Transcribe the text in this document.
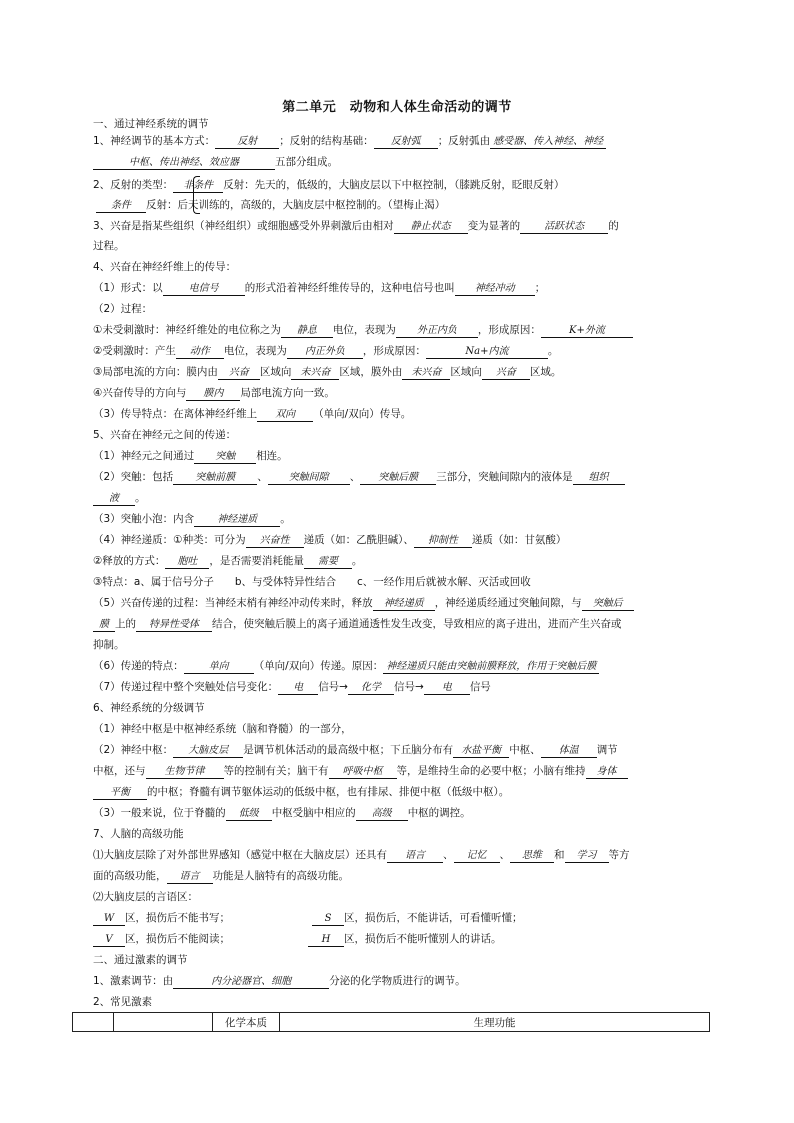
第二单元　动物和人体生命活动的调节
一、通过神经系统的调节
1、神经调节的基本方式： 反射 ；反射的结构基础： 反射弧 ；反射弧由 感受器、传入神经、神经
中枢、传出神经、效应器	五部分组成。
2、反射的类型： 非条件 反射：先天的，低级的，大脑皮层以下中枢控制，（膝跳反射，眨眼反射）
条件 反射：后天训练的，高级的，大脑皮层中枢控制的。（望梅止渴）
3、兴奋是指某些组织（神经组织）或细胞感受外界刺激后由相对 静止状态 变为显著的 活跃状态 的
过程。
4、兴奋在神经纤维上的传导：
（1）形式：以	电信号 的形式沿着神经纤维传导的，这种电信号也叫 神经冲动 ；
（2）过程：
①未受刺激时：神经纤维处的电位称之为 静息 电位，表现为 外正内负 ，形成原因：	K+外流
②受刺激时：产生 动作 电位，表现为 内正外负 ，形成原因：	Na+内流	。
③局部电流的方向：膜内由 兴奋 区域向 未兴奋 区域，膜外由 未兴奋 区域向 兴奋 区域。
④兴奋传导的方向与 膜内 局部电流方向一致。
（3）传导特点：在离体神经纤维上 双向 （单向/双向）传导。
5、兴奋在神经元之间的传递：
（1）神经元之间通过 突触 相连。
（2）突触：包括 突触前膜 、 突触间隙 、 突触后膜 三部分，突触间隙内的液体是 组织
液 。
（3）突触小泡：内含 神经递质 。
（4）神经递质：①种类：可分为 兴奋性 递质（如：乙酰胆碱）、 抑制性 递质（如：甘氨酸）
②释放的方式： 胞吐 ，是否需要消耗能量 需要 。
③特点：a、属于信号分子　　b、与受体特异性结合　　c、一经作用后就被水解、灭活或回收
（5）兴奋传递的过程：当神经末梢有神经冲动传来时，释放 神经递质 ，神经递质经通过突触间隙，与 突触后
膜 上的 特异性受体 结合，使突触后膜上的离子通道通透性发生改变，导致相应的离子进出，进而产生兴奋或
抑制。
（6）传递的特点：	单向 （单向/双向）传递。原因： 神经递质只能由突触前膜释放，作用于突触后膜
（7）传递过程中整个突触处信号变化： 电 信号→ 化学 信号→ 电 信号
6、神经系统的分级调节
（1）神经中枢是中枢神经系统（脑和脊髓）的一部分，
（2）神经中枢： 大脑皮层 是调节机体活动的最高级中枢；下丘脑分布有 水盐平衡 中枢、 体温 调节
中枢，还与 生物节律 等的控制有关；脑干有 呼吸中枢 等，是维持生命的必要中枢；小脑有维持 身体
平衡 的中枢；脊髓有调节躯体运动的低级中枢，也有排尿、排便中枢（低级中枢）。
（3）一般来说，位于脊髓的 低级 中枢受脑中相应的 高级 中枢的调控。
7、人脑的高级功能
⑴大脑皮层除了对外部世界感知（感觉中枢在大脑皮层）还具有 语言 、 记忆 、 思维 和 学习 等方
面的高级功能， 语言 功能是人脑特有的高级功能。
⑵大脑皮层的言语区：
W 区，损伤后不能书写；	S 区，损伤后，不能讲话，可看懂听懂；
V 区，损伤后不能阅读；	H 区，损伤后不能听懂别人的讲话。
二、通过激素的调节
1、激素调节：由	内分泌器官、细胞	分泌的化学物质进行的调节。
2、常见激素
		化学本质	生理功能
